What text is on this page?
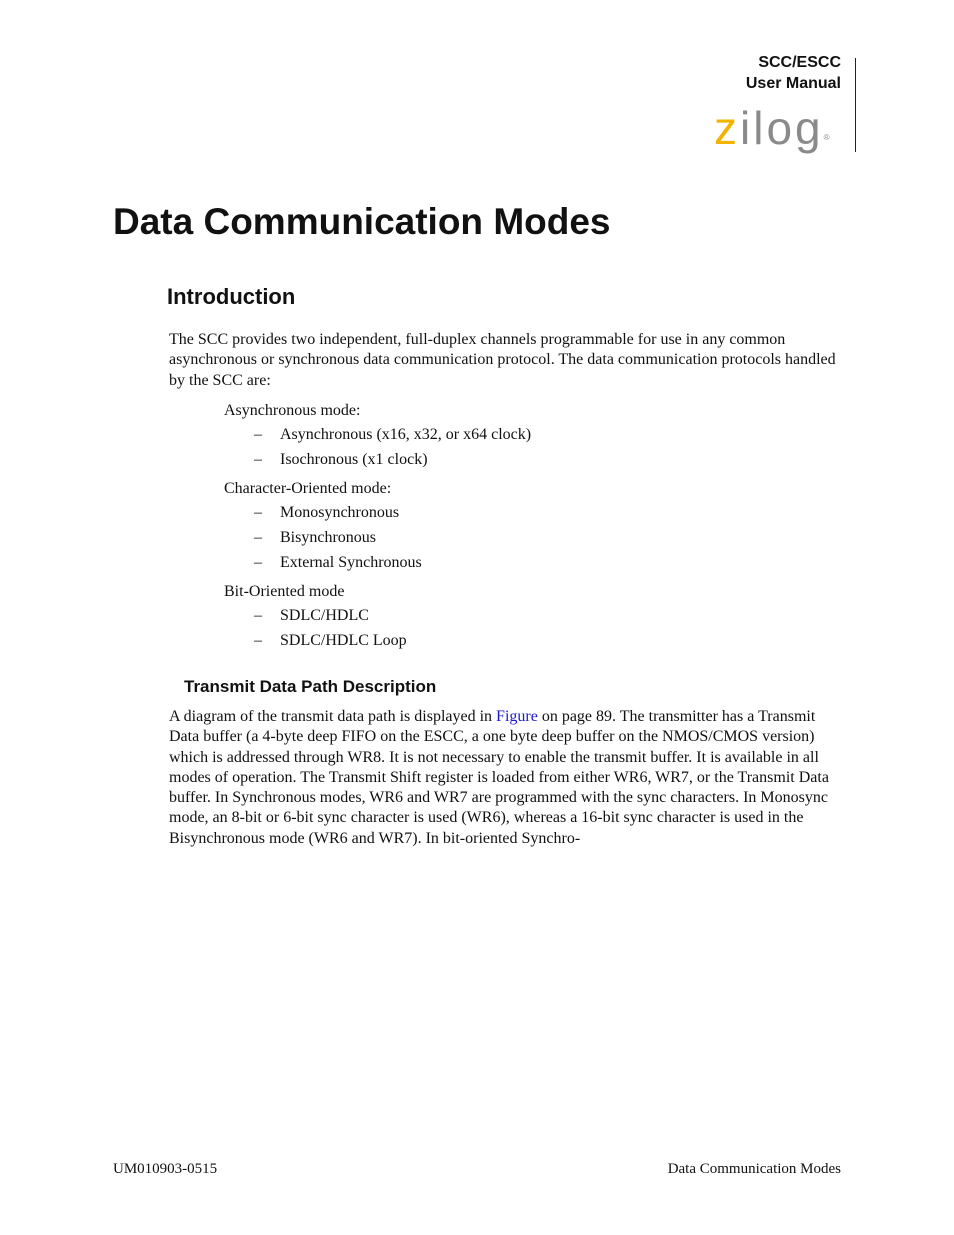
SCC/ESCC
User Manual
zilog®
Data Communication Modes
Introduction

The SCC provides two independent, full-duplex channels programmable for use in any common asynchronous or synchronous data communication protocol. The data communication protocols handled by the SCC are:

Asynchronous mode:
– Asynchronous (x16, x32, or x64 clock)
– Isochronous (x1 clock)
Character-Oriented mode:
– Monosynchronous
– Bisynchronous
– External Synchronous
Bit-Oriented mode
– SDLC/HDLC
– SDLC/HDLC Loop
Transmit Data Path Description

A diagram of the transmit data path is displayed in Figure on page 89. The transmitter has a Transmit Data buffer (a 4-byte deep FIFO on the ESCC, a one byte deep buffer on the NMOS/CMOS version) which is addressed through WR8. It is not necessary to enable the transmit buffer. It is available in all modes of operation. The Transmit Shift register is loaded from either WR6, WR7, or the Transmit Data buffer. In Synchronous modes, WR6 and WR7 are programmed with the sync characters. In Monosync mode, an 8-bit or 6-bit sync character is used (WR6), whereas a 16-bit sync character is used in the Bisynchronous mode (WR6 and WR7). In bit-oriented Synchro-

UM010903-0515	Data Communication Modes
